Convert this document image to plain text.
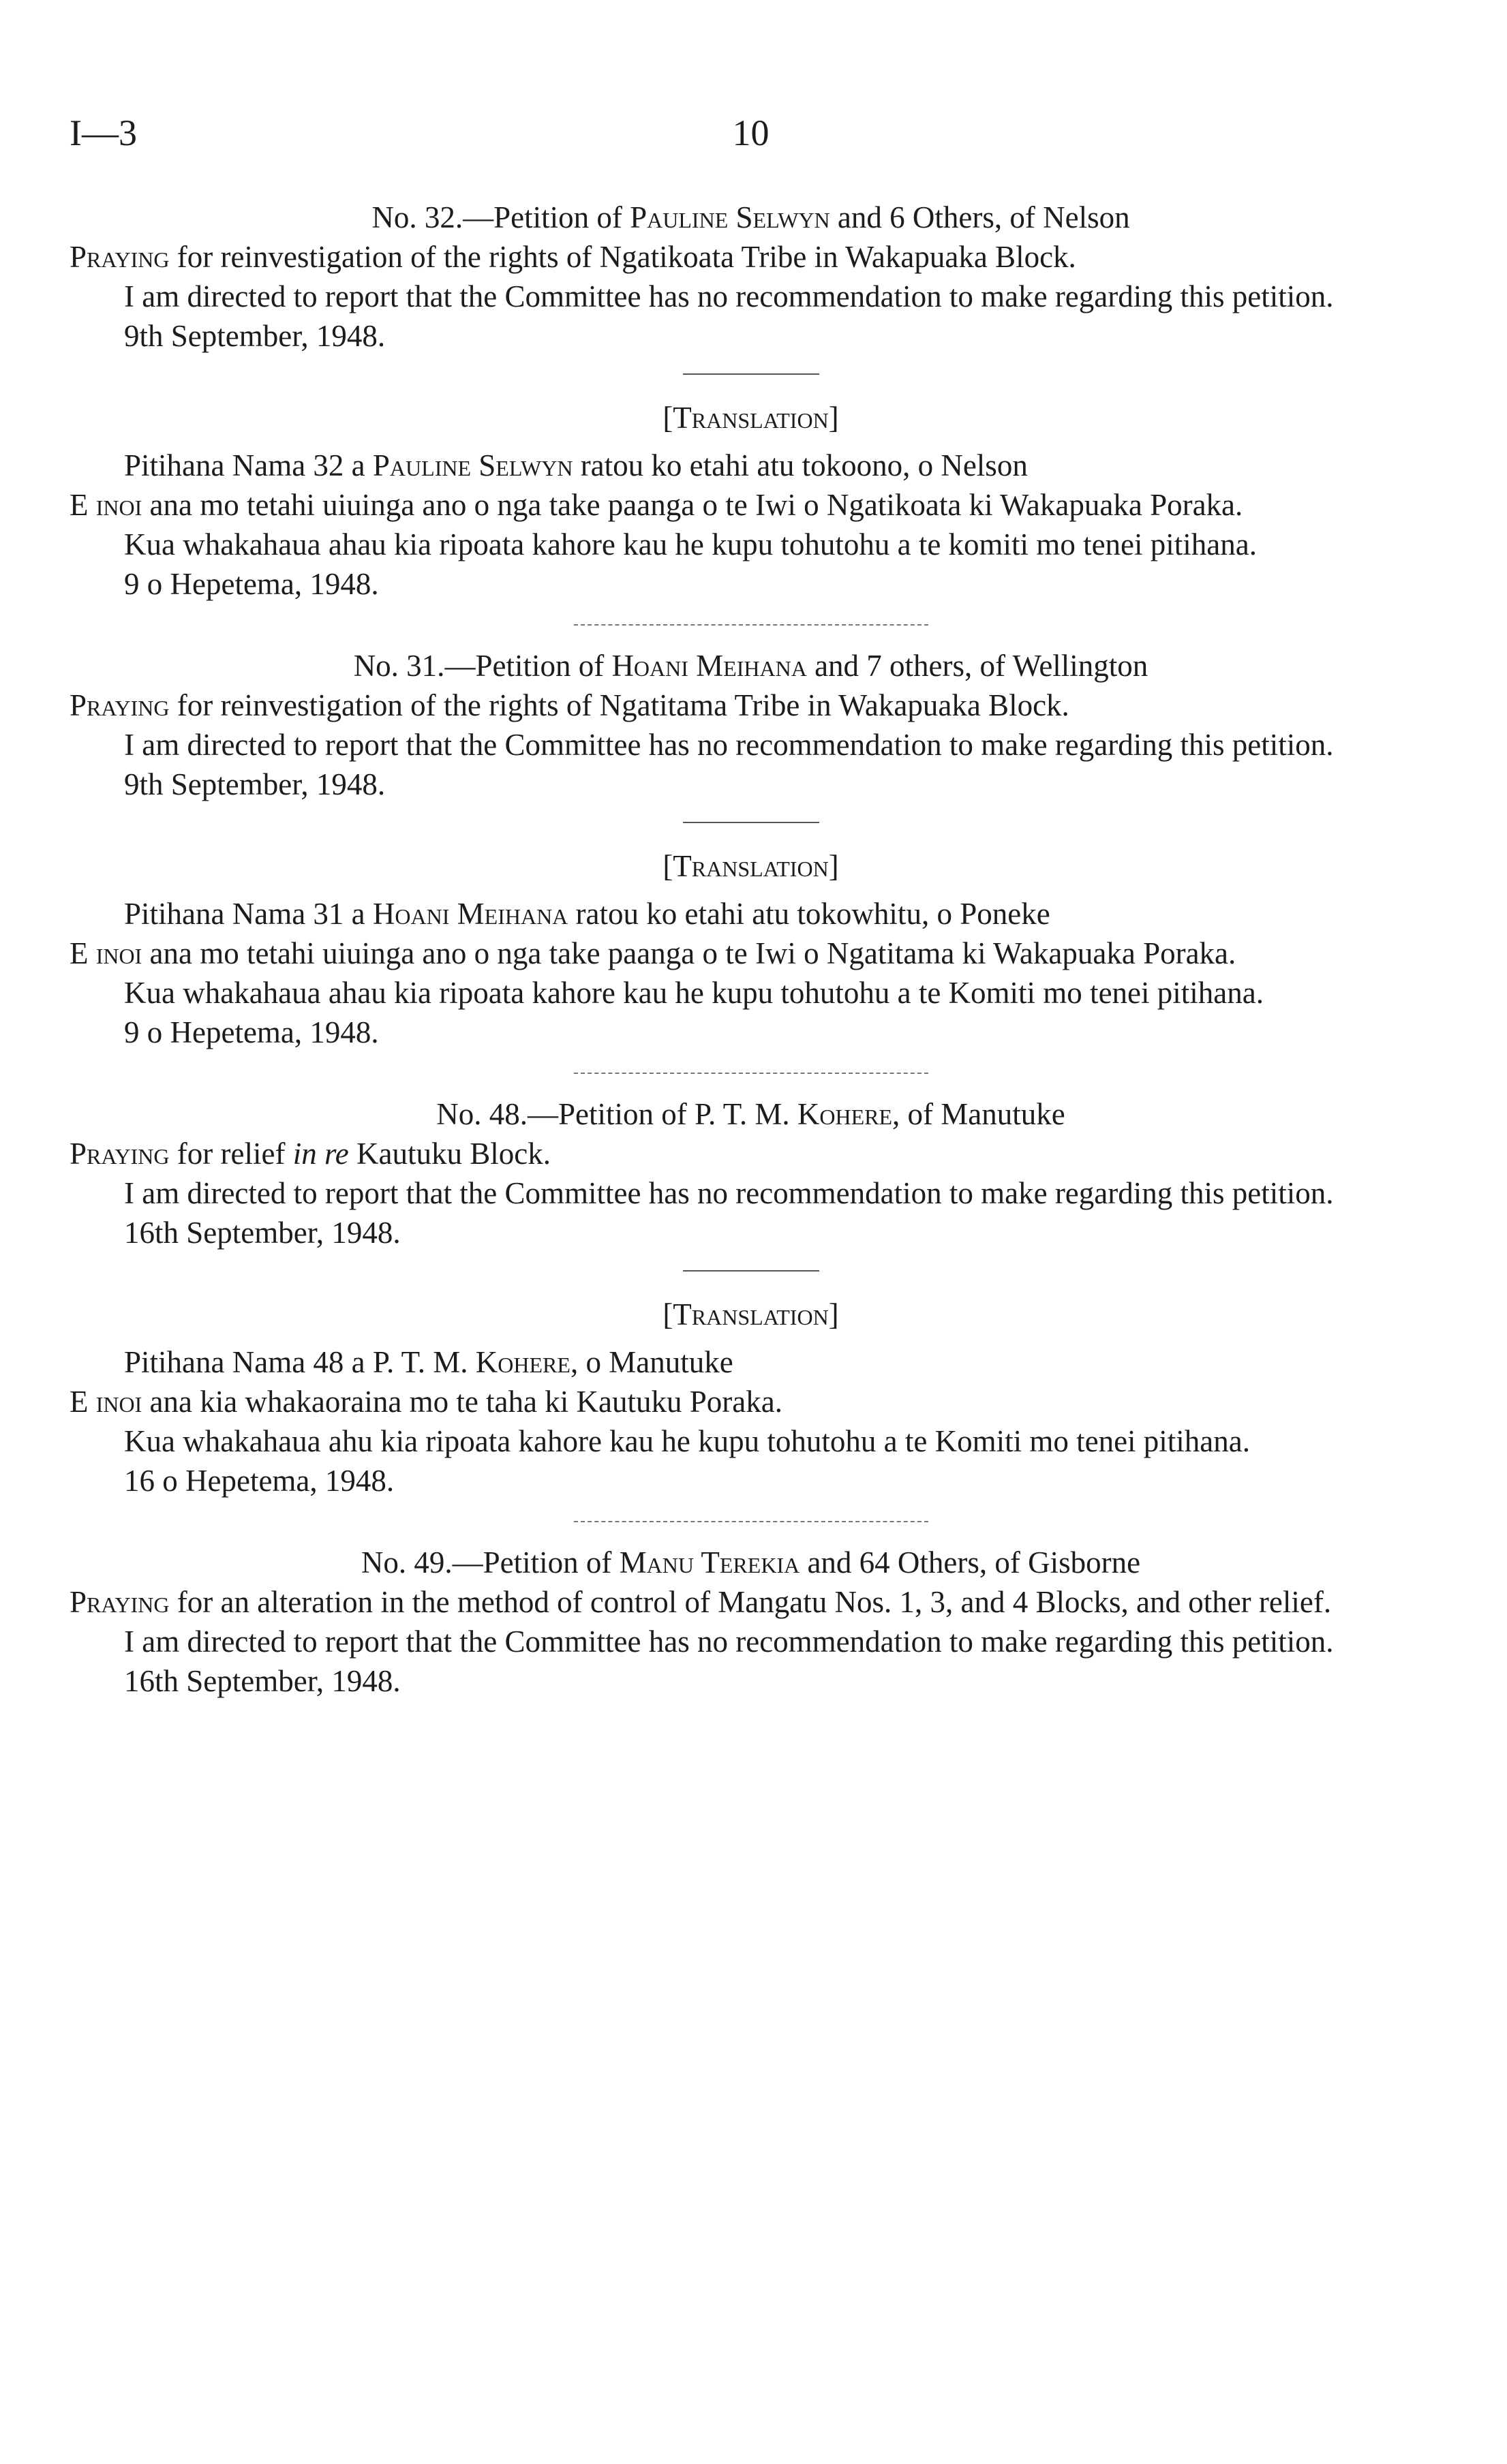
I—3	10

No. 32.—Petition of Pauline Selwyn and 6 Others, of Nelson

Praying for reinvestigation of the rights of Ngatikoata Tribe in Wakapuaka Block.

I am directed to report that the Committee has no recommendation to make regarding this petition.

9th September, 1948.

[Translation]

Pitihana Nama 32 a Pauline Selwyn ratou ko etahi atu tokoono, o Nelson

E inoi ana mo tetahi uiuinga ano o nga take paanga o te Iwi o Ngatikoata ki Wakapuaka Poraka.

Kua whakahaua ahau kia ripoata kahore kau he kupu tohutohu a te komiti mo tenei pitihana.

9 o Hepetema, 1948.

No. 31.—Petition of Hoani Meihana and 7 others, of Wellington

Praying for reinvestigation of the rights of Ngatitama Tribe in Wakapuaka Block.

I am directed to report that the Committee has no recommendation to make regarding this petition.

9th September, 1948.

[Translation]

Pitihana Nama 31 a Hoani Meihana ratou ko etahi atu tokowhitu, o Poneke

E inoi ana mo tetahi uiuinga ano o nga take paanga o te Iwi o Ngatitama ki Wakapuaka Poraka.

Kua whakahaua ahau kia ripoata kahore kau he kupu tohutohu a te Komiti mo tenei pitihana.

9 o Hepetema, 1948.

No. 48.—Petition of P. T. M. Kohere, of Manutuke

Praying for relief in re Kautuku Block.

I am directed to report that the Committee has no recommendation to make regarding this petition.

16th September, 1948.

[Translation]

Pitihana Nama 48 a P. T. M. Kohere, o Manutuke

E inoi ana kia whakaoraina mo te taha ki Kautuku Poraka.

Kua whakahaua ahu kia ripoata kahore kau he kupu tohutohu a te Komiti mo tenei pitihana.

16 o Hepetema, 1948.

No. 49.—Petition of Manu Terekia and 64 Others, of Gisborne

Praying for an alteration in the method of control of Mangatu Nos. 1, 3, and 4 Blocks, and other relief.

I am directed to report that the Committee has no recommendation to make regarding this petition.

16th September, 1948.
